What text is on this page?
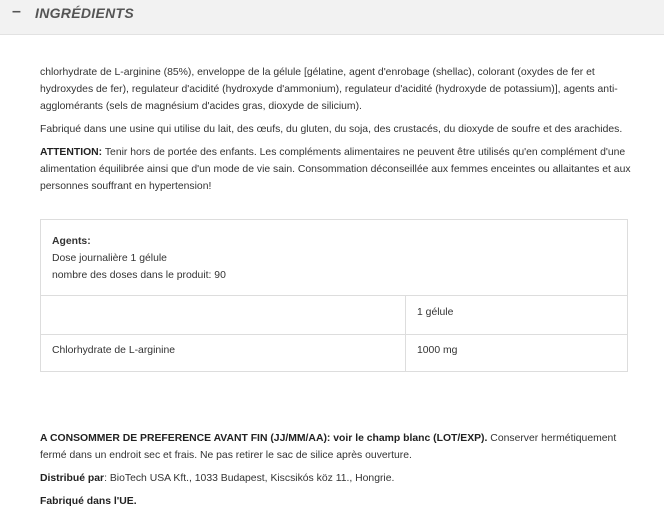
– INGRÉDIENTS

chlorhydrate de L-arginine (85%), enveloppe de la gélule [gélatine, agent d'enrobage (shellac), colorant (oxydes de fer et hydroxydes de fer), regulateur d'acidité (hydroxyde d'ammonium), regulateur d'acidité (hydroxyde de potassium)], agents anti-agglomérants (sels de magnésium d'acides gras, dioxyde de silicium).

Fabriqué dans une usine qui utilise du lait, des œufs, du gluten, du soja, des crustacés, du dioxyde de soufre et des arachides.

ATTENTION: Tenir hors de portée des enfants. Les compléments alimentaires ne peuvent être utilisés qu'en complément d'une alimentation équilibrée ainsi que d'un mode de vie sain. Consommation déconseillée aux femmes enceintes ou allaitantes et aux personnes souffrant en hypertension!

Agents:
Dose journalière 1 gélule
nombre des doses dans le produit: 90
1 gélule
Chlorhydrate de L-arginine	1000 mg

A CONSOMMER DE PREFERENCE AVANT FIN (JJ/MM/AA): voir le champ blanc (LOT/EXP). Conserver hermétiquement fermé dans un endroit sec et frais. Ne pas retirer le sac de silice après ouverture.

Distribué par: BioTech USA Kft., 1033 Budapest, Kiscsikós köz 11., Hongrie.

Fabriqué dans l'UE.
